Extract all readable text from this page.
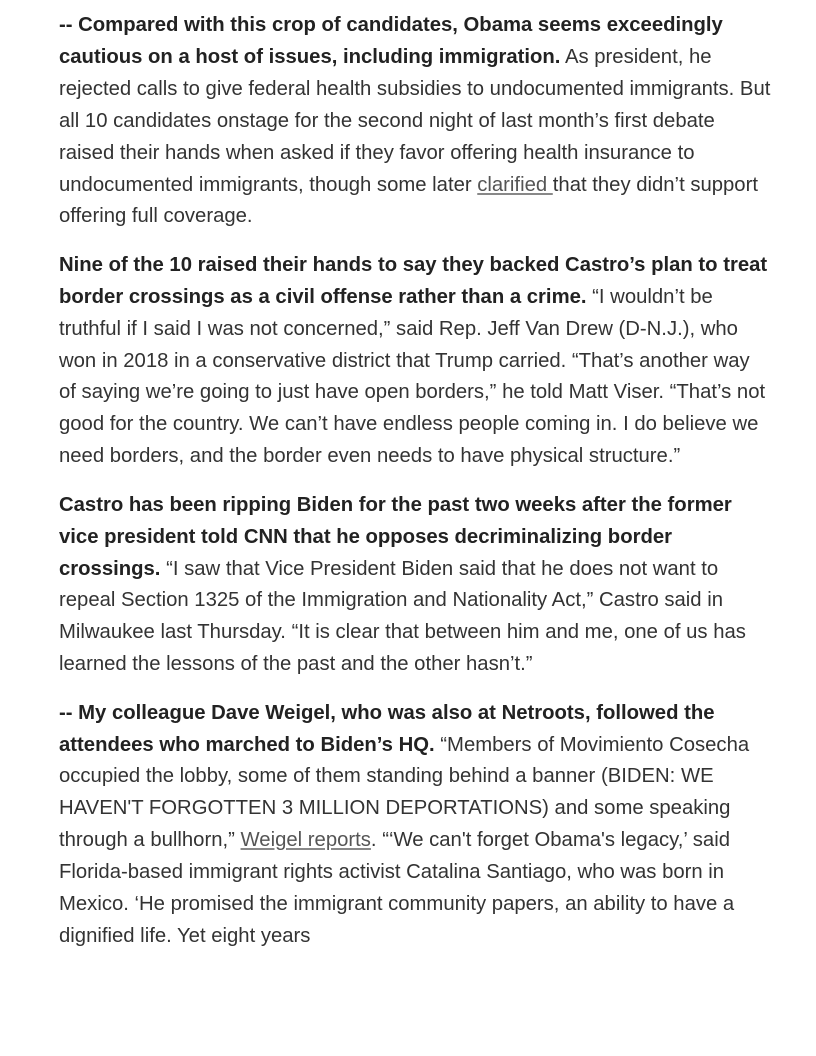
-- Compared with this crop of candidates, Obama seems exceedingly cautious on a host of issues, including immigration. As president, he rejected calls to give federal health subsidies to undocumented immigrants. But all 10 candidates onstage for the second night of last month’s first debate raised their hands when asked if they favor offering health insurance to undocumented immigrants, though some later clarified that they didn’t support offering full coverage.

Nine of the 10 raised their hands to say they backed Castro’s plan to treat border crossings as a civil offense rather than a crime. “I wouldn’t be truthful if I said I was not concerned,” said Rep. Jeff Van Drew (D-N.J.), who won in 2018 in a conservative district that Trump carried. “That’s another way of saying we’re going to just have open borders,” he told Matt Viser. “That’s not good for the country. We can’t have endless people coming in. I do believe we need borders, and the border even needs to have physical structure.”

Castro has been ripping Biden for the past two weeks after the former vice president told CNN that he opposes decriminalizing border crossings. “I saw that Vice President Biden said that he does not want to repeal Section 1325 of the Immigration and Nationality Act,” Castro said in Milwaukee last Thursday. “It is clear that between him and me, one of us has learned the lessons of the past and the other hasn’t.”

-- My colleague Dave Weigel, who was also at Netroots, followed the attendees who marched to Biden’s HQ. “Members of Movimiento Cosecha occupied the lobby, some of them standing behind a banner (BIDEN: WE HAVEN'T FORGOTTEN 3 MILLION DEPORTATIONS) and some speaking through a bullhorn,” Weigel reports. “‘We can't forget Obama's legacy,’ said Florida-based immigrant rights activist Catalina Santiago, who was born in Mexico. ‘He promised the immigrant community papers, an ability to have a dignified life. Yet eight years
